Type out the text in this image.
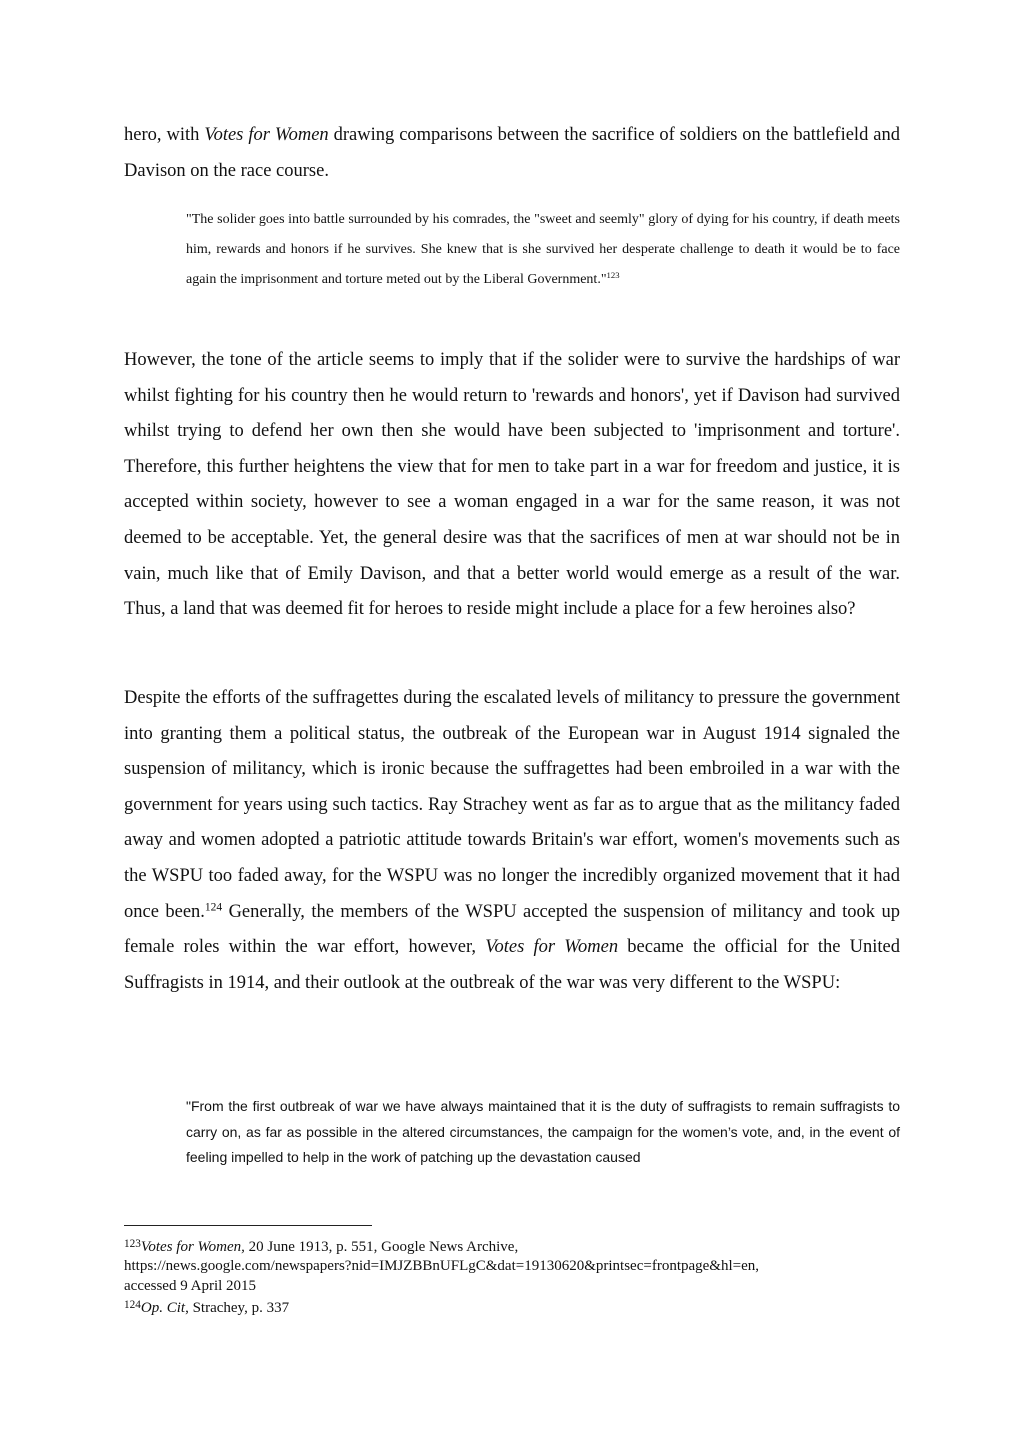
hero, with Votes for Women drawing comparisons between the sacrifice of soldiers on the battlefield and Davison on the race course.

"The solider goes into battle surrounded by his comrades, the "sweet and seemly" glory of dying for his country, if death meets him, rewards and honors if he survives. She knew that is she survived her desperate challenge to death it would be to face again the imprisonment and torture meted out by the Liberal Government."$^{123}$

However, the tone of the article seems to imply that if the solider were to survive the hardships of war whilst fighting for his country then he would return to 'rewards and honors', yet if Davison had survived whilst trying to defend her own then she would have been subjected to 'imprisonment and torture'. Therefore, this further heightens the view that for men to take part in a war for freedom and justice, it is accepted within society, however to see a woman engaged in a war for the same reason, it was not deemed to be acceptable. Yet, the general desire was that the sacrifices of men at war should not be in vain, much like that of Emily Davison, and that a better world would emerge as a result of the war. Thus, a land that was deemed fit for heroes to reside might include a place for a few heroines also?

Despite the efforts of the suffragettes during the escalated levels of militancy to pressure the government into granting them a political status, the outbreak of the European war in August 1914 signaled the suspension of militancy, which is ironic because the suffragettes had been embroiled in a war with the government for years using such tactics. Ray Strachey went as far as to argue that as the militancy faded away and women adopted a patriotic attitude towards Britain's war effort, women's movements such as the WSPU too faded away, for the WSPU was no longer the incredibly organized movement that it had once been.$^{124}$ Generally, the members of the WSPU accepted the suspension of militancy and took up female roles within the war effort, however, Votes for Women became the official for the United Suffragists in 1914, and their outlook at the outbreak of the war was very different to the WSPU:

"From the first outbreak of war we have always maintained that it is the duty of suffragists to remain suffragists to carry on, as far as possible in the altered circumstances, the campaign for the women’s vote, and, in the event of feeling impelled to help in the work of patching up the devastation caused

$^{123}$Votes for Women, 20 June 1913, p. 551, Google News Archive,

https://news.google.com/newspapers?nid=IMJZBBnUFLgC&dat=19130620&printsec=frontpage&hl=en,

accessed 9 April 2015

$^{124}$Op. Cit, Strachey, p. 337
